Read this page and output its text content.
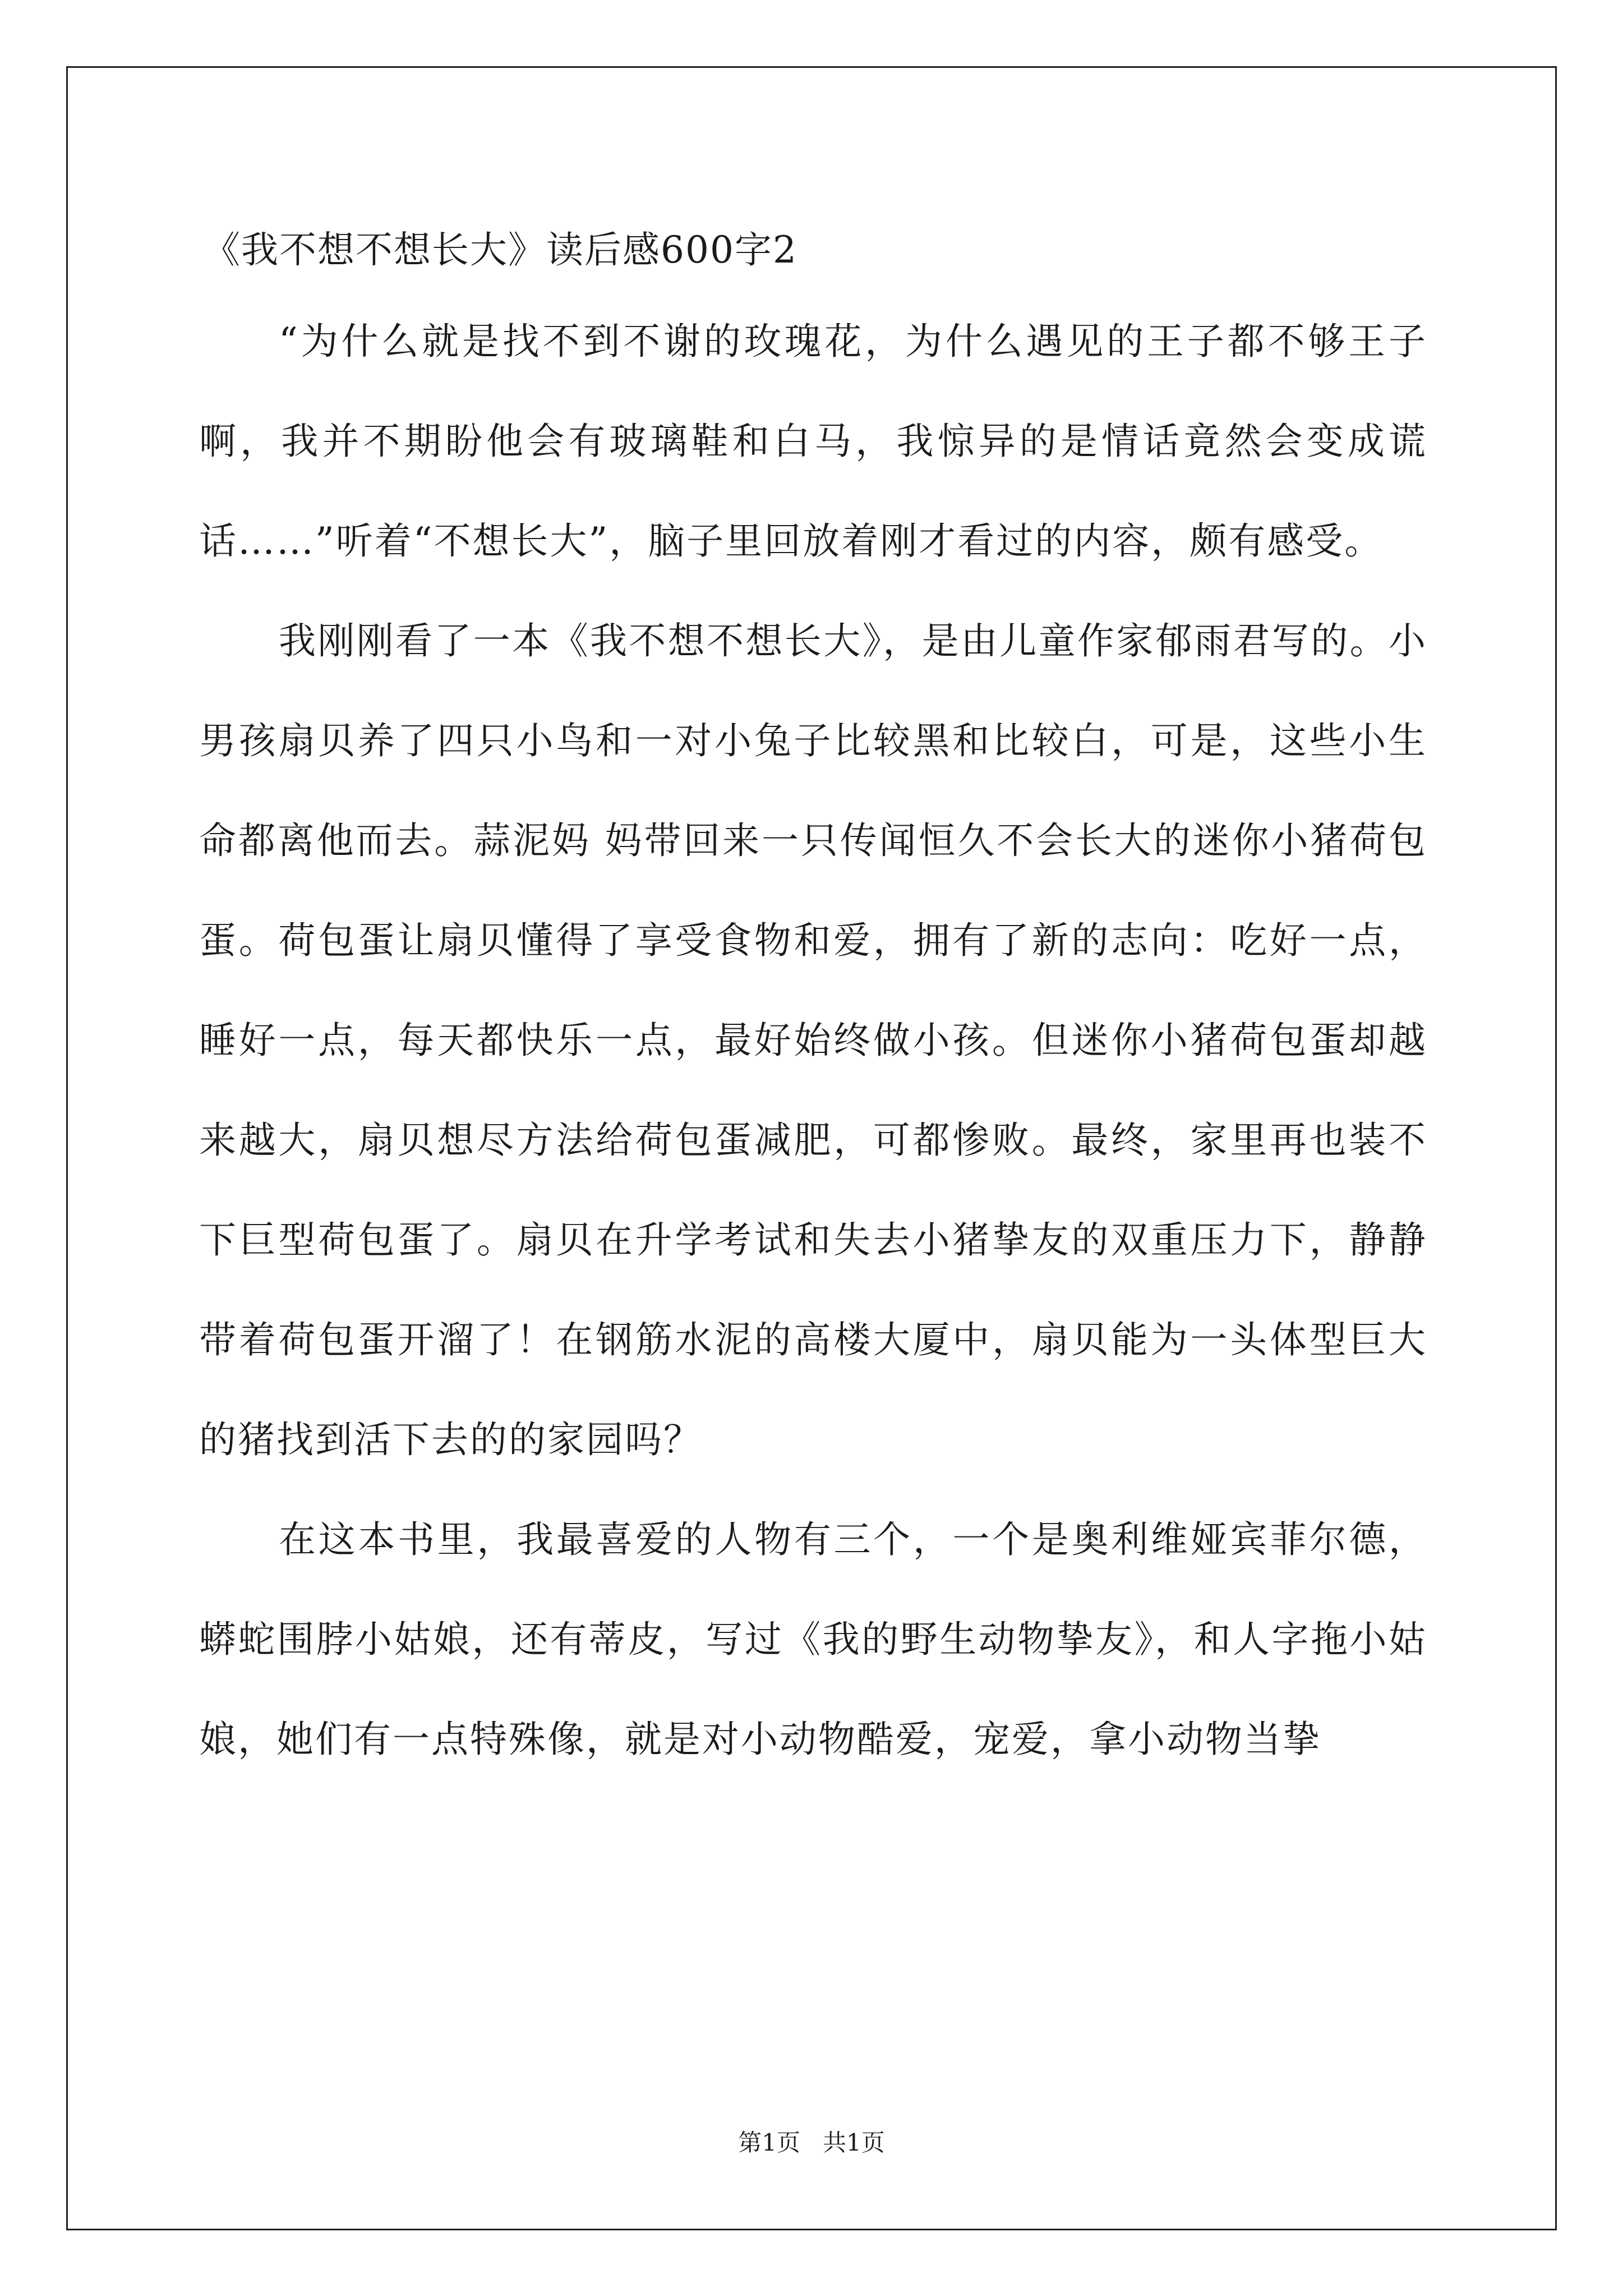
《我不想不想长大》读后感600字2

“为什么就是找不到不谢的玫瑰花，为什么遇见的王子都不够王子啊，我并不期盼他会有玻璃鞋和白马，我惊异的是情话竟然会变成谎话……”听着“不想长大”，脑子里回放着刚才看过的内容，颇有感受。

我刚刚看了一本《我不想不想长大》，是由儿童作家郁雨君写的。小男孩扇贝养了四只小鸟和一对小兔子比较黑和比较白，可是，这些小生命都离他而去。蒜泥妈 妈带回来一只传闻恒久不会长大的迷你小猪荷包蛋。荷包蛋让扇贝懂得了享受食物和爱，拥有了新的志向：吃好一点，睡好一点，每天都快乐一点，最好始终做小孩。但迷你小猪荷包蛋却越来越大，扇贝想尽方法给荷包蛋减肥，可都惨败。最终，家里再也装不下巨型荷包蛋了。扇贝在升学考试和失去小猪挚友的双重压力下，静静带着荷包蛋开溜了！在钢筋水泥的高楼大厦中，扇贝能为一头体型巨大的猪找到活下去的的家园吗？

在这本书里，我最喜爱的人物有三个，一个是奥利维娅宾菲尔德，蟒蛇围脖小姑娘，还有蒂皮，写过《我的野生动物挚友》，和人字拖小姑娘，她们有一点特殊像，就是对小动物酷爱，宠爱，拿小动物当挚

第1页   共1页
